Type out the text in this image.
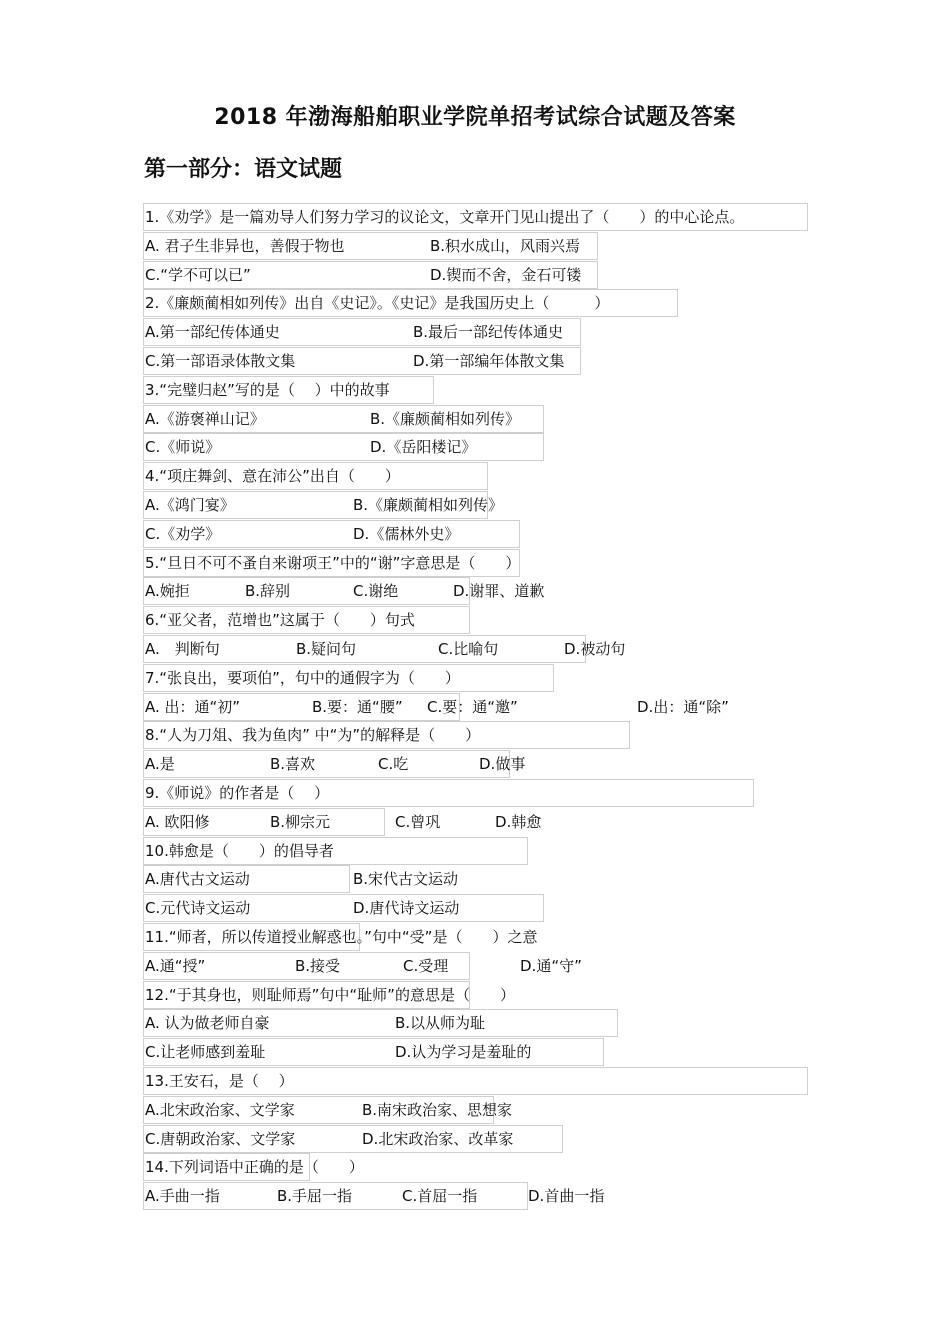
2018 年渤海船舶职业学院单招考试综合试题及答案
第一部分：语文试题
1.《劝学》是一篇劝导人们努力学习的议论文，文章开门见山提出了（　　）的中心论点。
A. 君子生非异也，善假于物也	B.积水成山，风雨兴焉
C.“学不可以已”	D.锲而不舍，金石可镂
2.《廉颇蔺相如列传》出自《史记》。《史记》是我国历史上（　　　）
A.第一部纪传体通史	B.最后一部纪传体通史
C.第一部语录体散文集	D.第一部编年体散文集
3.“完璧归赵”写的是（　 ）中的故事
A.《游褒禅山记》	B.《廉颇蔺相如列传》
C.《师说》	D.《岳阳楼记》
4.“项庄舞剑、意在沛公”出自（　　）
A.《鸿门宴》	B.《廉颇蔺相如列传》
C.《劝学》	D.《儒林外史》
5.“旦日不可不蚤自来谢项王”中的“谢”字意思是（　　）
A.婉拒	B.辞别	C.谢绝	D.谢罪、道歉
6.“亚父者，范增也”这属于（　　）句式
A.　判断句	B.疑问句	C.比喻句	D.被动句
7.“张良出，要项伯”，句中的通假字为（　　）
A. 出：通“初”	B.要：通“腰” C.要：通“邀”	D.出：通“除”
8.“人为刀俎、我为鱼肉” 中“为”的解释是（　　）
A.是	B.喜欢	C.吃	D.做事
9.《师说》的作者是（　 ）
A. 欧阳修	B.柳宗元	C.曾巩	D.韩愈
10.韩愈是（　　）的倡导者
A.唐代古文运动	B.宋代古文运动
C.元代诗文运动	D.唐代诗文运动
11.“师者，所以传道授业解惑也。”句中“受”是（　　）之意
A.通“授”	B.接受	C.受理	D.通“守”
12.“于其身也，则耻师焉”句中“耻师”的意思是（　　）
A. 认为做老师自豪	B.以从师为耻
C.让老师感到羞耻	D.认为学习是羞耻的
13.王安石，是（　 ）
A.北宋政治家、文学家	B.南宋政治家、思想家
C.唐朝政治家、文学家	D.北宋政治家、改革家
14.下列词语中正确的是（　　）
A.手曲一指	B.手屈一指	C.首屈一指	D.首曲一指
